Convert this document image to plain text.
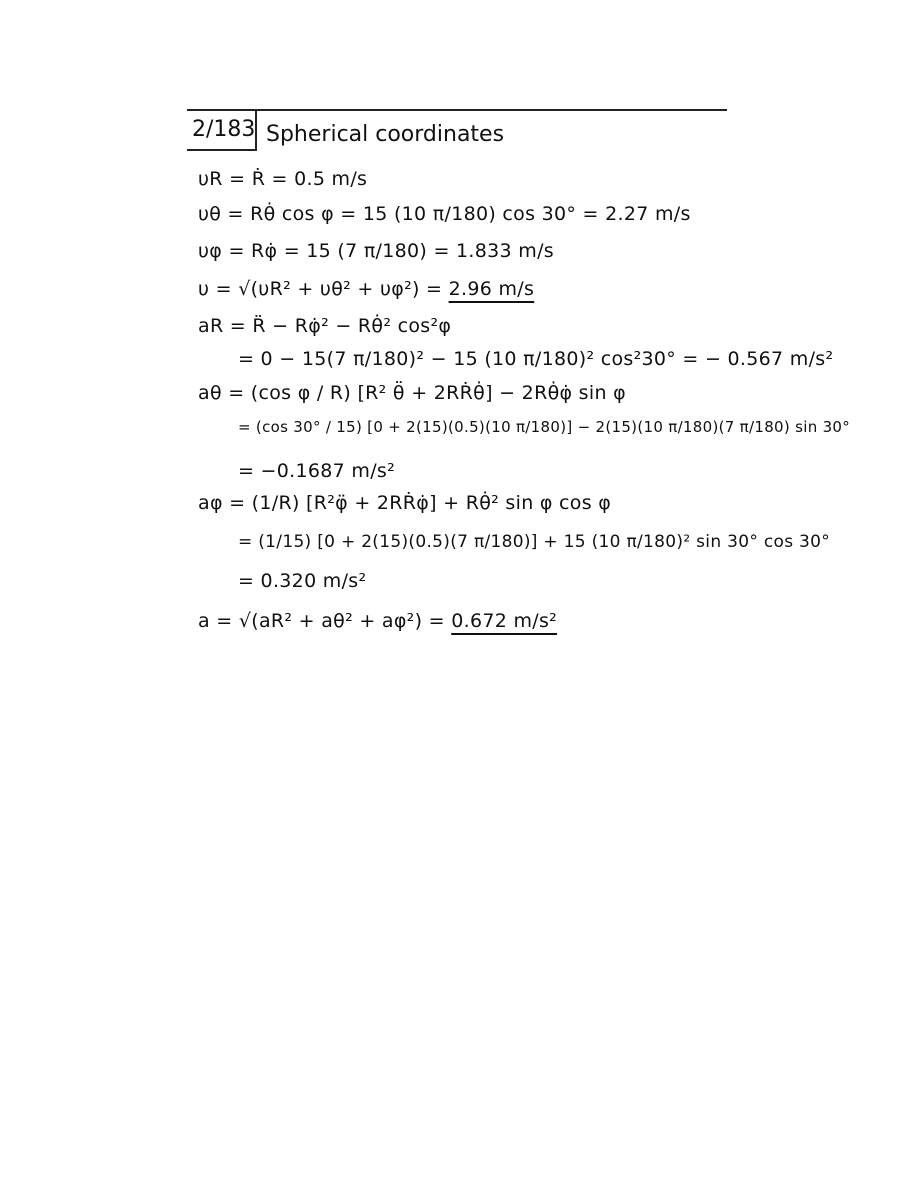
2/183 Spherical coordinates
υR = Ṙ = 0.5 m/s
υθ = Rθ̇ cos φ = 15 (10 π/180) cos 30° = 2.27 m/s
υφ = Rφ̇ = 15 (7 π/180) = 1.833 m/s
υ = √(υR² + υθ² + υφ²) = 2.96 m/s
aR = R̈ − Rφ̇² − Rθ̇² cos²φ
= 0 − 15(7 π/180)² − 15 (10 π/180)² cos²30° = − 0.567 m/s²
aθ = (cos φ / R) [R² θ̈ + 2RṘθ̇] − 2Rθ̇φ̇ sin φ
= (cos 30° / 15) [0 + 2(15)(0.5)(10 π/180)] − 2(15)(10 π/180)(7 π/180) sin 30°
= −0.1687 m/s²
aφ = (1/R) [R²φ̈ + 2RṘφ̇] + Rθ̇² sin φ cos φ
= (1/15) [0 + 2(15)(0.5)(7 π/180)] + 15 (10 π/180)² sin 30° cos 30°
= 0.320 m/s²
a = √(aR² + aθ² + aφ²) = 0.672 m/s²
